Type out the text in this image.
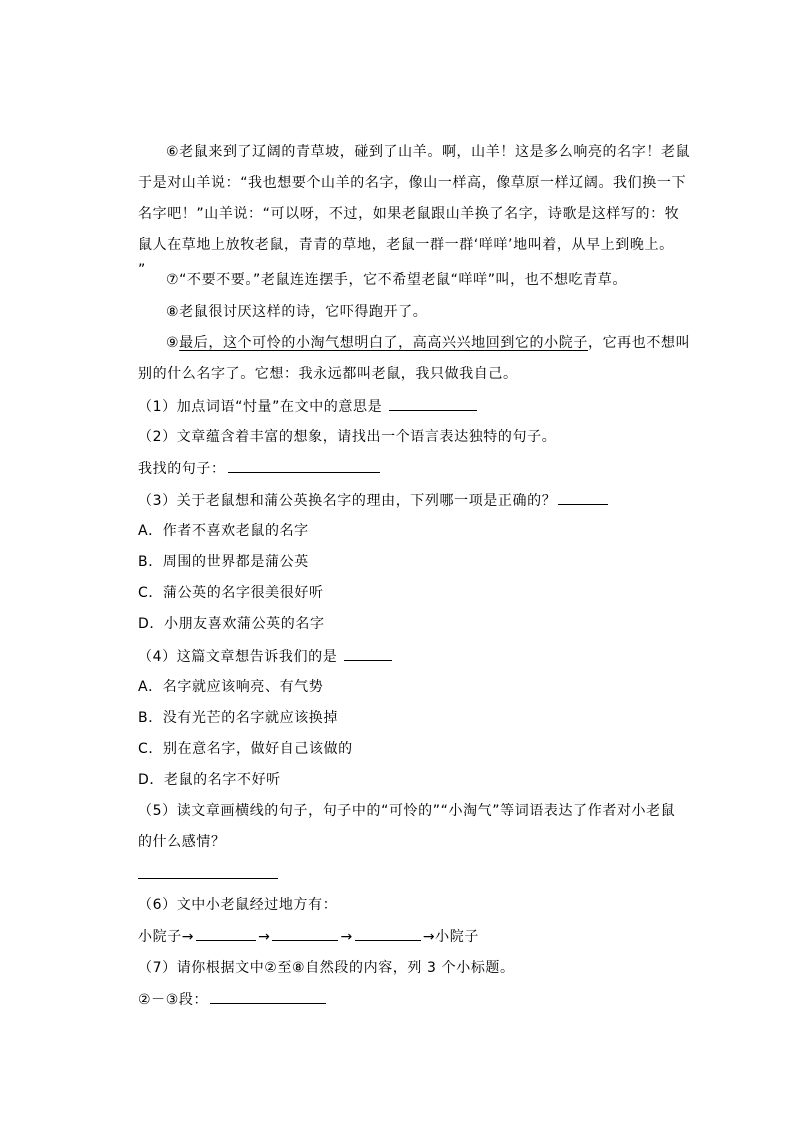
⑥老鼠来到了辽阔的青草坡，碰到了山羊。啊，山羊！这是多么响亮的名字！老鼠
于是对山羊说：“我也想要个山羊的名字，像山一样高，像草原一样辽阔。我们换一下
名字吧！”山羊说：“可以呀，不过，如果老鼠跟山羊换了名字，诗歌是这样写的：牧
鼠人在草地上放牧老鼠，青青的草地，老鼠一群一群‘咩咩’地叫着，从早上到晚上。
”
⑦“不要不要。”老鼠连连摆手，它不希望老鼠“咩咩”叫，也不想吃青草。
⑧老鼠很讨厌这样的诗，它吓得跑开了。
⑨最后，这个可怜的小淘气想明白了，高高兴兴地回到它的小院子，它再也不想叫
别的什么名字了。它想：我永远都叫老鼠，我只做我自己。
（1）加点词语“忖量”在文中的意思是
（2）文章蕴含着丰富的想象，请找出一个语言表达独特的句子。
我找的句子：
（3）关于老鼠想和蒲公英换名字的理由，下列哪一项是正确的？
A．作者不喜欢老鼠的名字
B．周围的世界都是蒲公英
C．蒲公英的名字很美很好听
D．小朋友喜欢蒲公英的名字
（4）这篇文章想告诉我们的是
A．名字就应该响亮、有气势
B．没有光芒的名字就应该换掉
C．别在意名字，做好自己该做的
D．老鼠的名字不好听
（5）读文章画横线的句子，句子中的“可怜的”“小淘气”等词语表达了作者对小老鼠
的什么感情？
（6）文中小老鼠经过地方有：
小院子→	→	→	→小院子
（7）请你根据文中②至⑧自然段的内容，列 3 个小标题。
②－③段：
